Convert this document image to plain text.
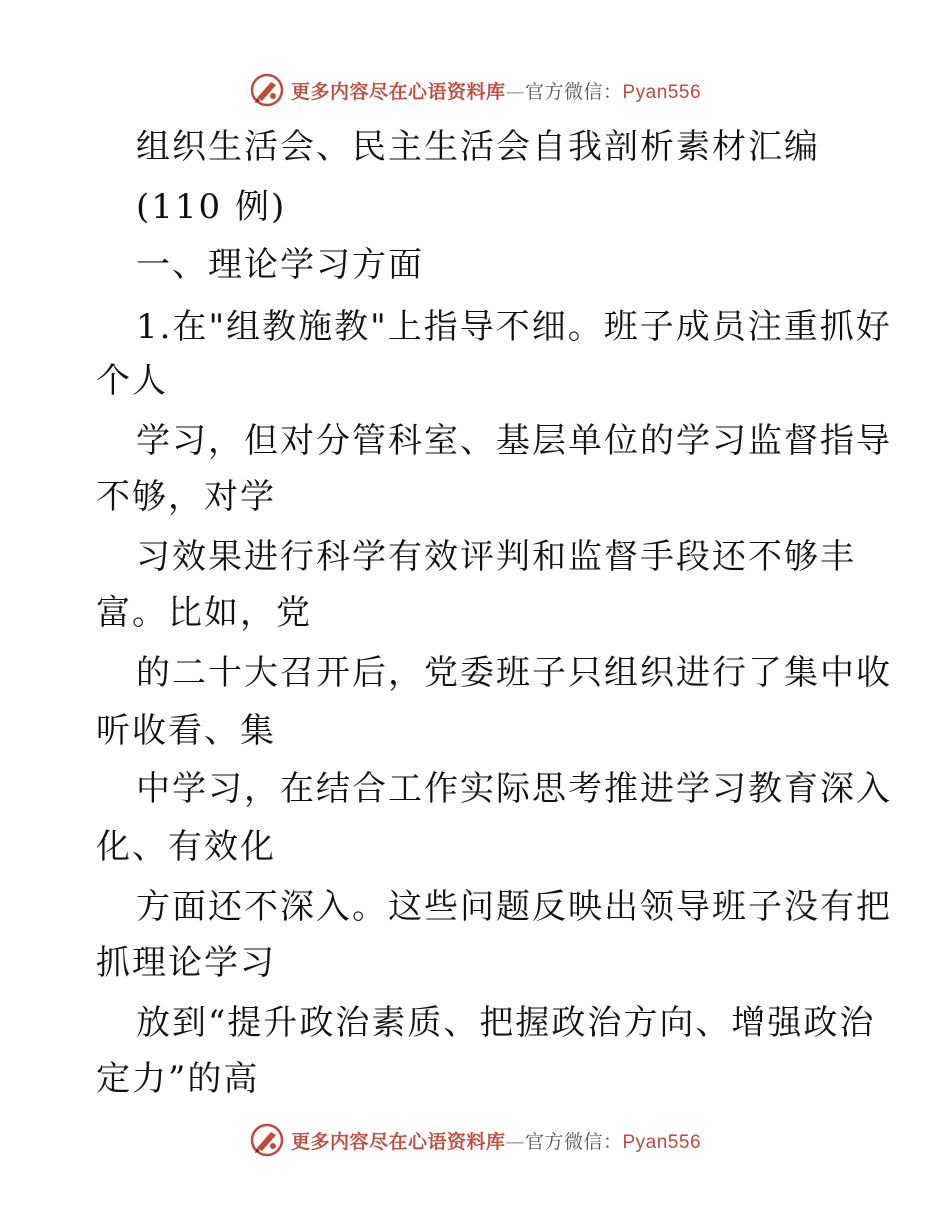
更多内容尽在心语资料库—官方微信：Pyan556
组织生活会、民主生活会自我剖析素材汇编
(110 例)
一、理论学习方面
1.在"组教施教"上指导不细。班子成员注重抓好
个人
学习，但对分管科室、基层单位的学习监督指导
不够，对学
习效果进行科学有效评判和监督手段还不够丰
富。比如，党
的二十大召开后，党委班子只组织进行了集中收
听收看、集
中学习，在结合工作实际思考推进学习教育深入
化、有效化
方面还不深入。这些问题反映出领导班子没有把
抓理论学习
放到“提升政治素质、把握政治方向、增强政治
定力”的高
更多内容尽在心语资料库—官方微信：Pyan556
